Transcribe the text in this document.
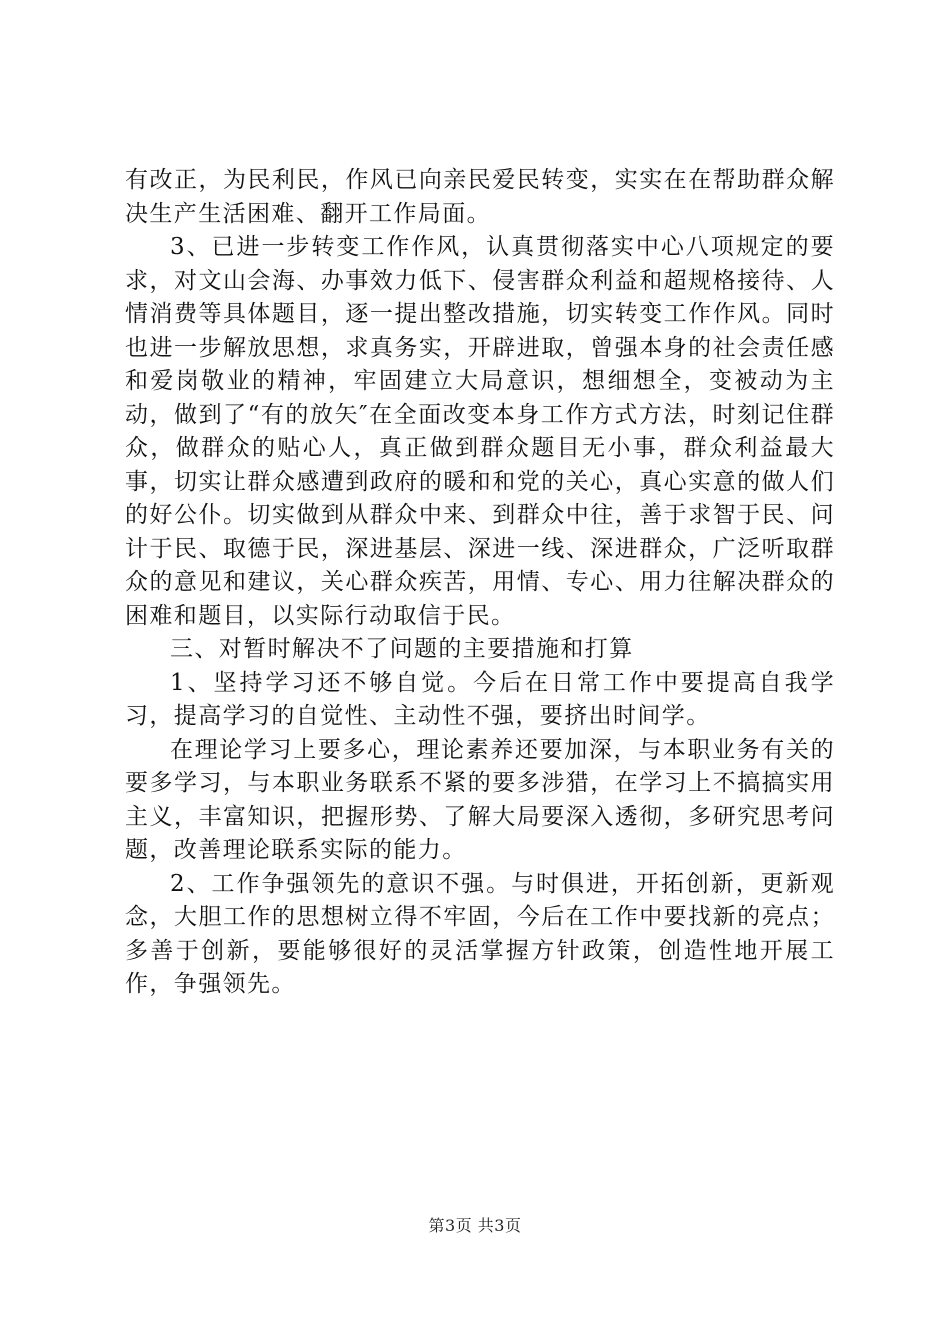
有改正，为民利民，作风已向亲民爱民转变，实实在在帮助群众解决生产生活困难、翻开工作局面。

3、已进一步转变工作作风，认真贯彻落实中心八项规定的要求，对文山会海、办事效力低下、侵害群众利益和超规格接待、人情消费等具体题目，逐一提出整改措施，切实转变工作作风。同时也进一步解放思想，求真务实，开辟进取，曾强本身的社会责任感和爱岗敬业的精神，牢固建立大局意识，想细想全，变被动为主动，做到了“有的放矢″在全面改变本身工作方式方法，时刻记住群众，做群众的贴心人，真正做到群众题目无小事，群众利益最大事，切实让群众感遭到政府的暖和和党的关心，真心实意的做人们的好公仆。切实做到从群众中来、到群众中往，善于求智于民、问计于民、取德于民，深进基层、深进一线、深进群众，广泛听取群众的意见和建议，关心群众疾苦，用情、专心、用力往解决群众的困难和题目，以实际行动取信于民。

三、对暂时解决不了问题的主要措施和打算

1、坚持学习还不够自觉。今后在日常工作中要提高自我学习，提高学习的自觉性、主动性不强，要挤出时间学。

在理论学习上要多心，理论素养还要加深，与本职业务有关的要多学习，与本职业务联系不紧的要多涉猎，在学习上不搞搞实用主义，丰富知识，把握形势、了解大局要深入透彻，多研究思考问题，改善理论联系实际的能力。

2、工作争强领先的意识不强。与时俱进，开拓创新，更新观念，大胆工作的思想树立得不牢固，今后在工作中要找新的亮点；多善于创新，要能够很好的灵活掌握方针政策，创造性地开展工作，争强领先。

第3页 共3页
